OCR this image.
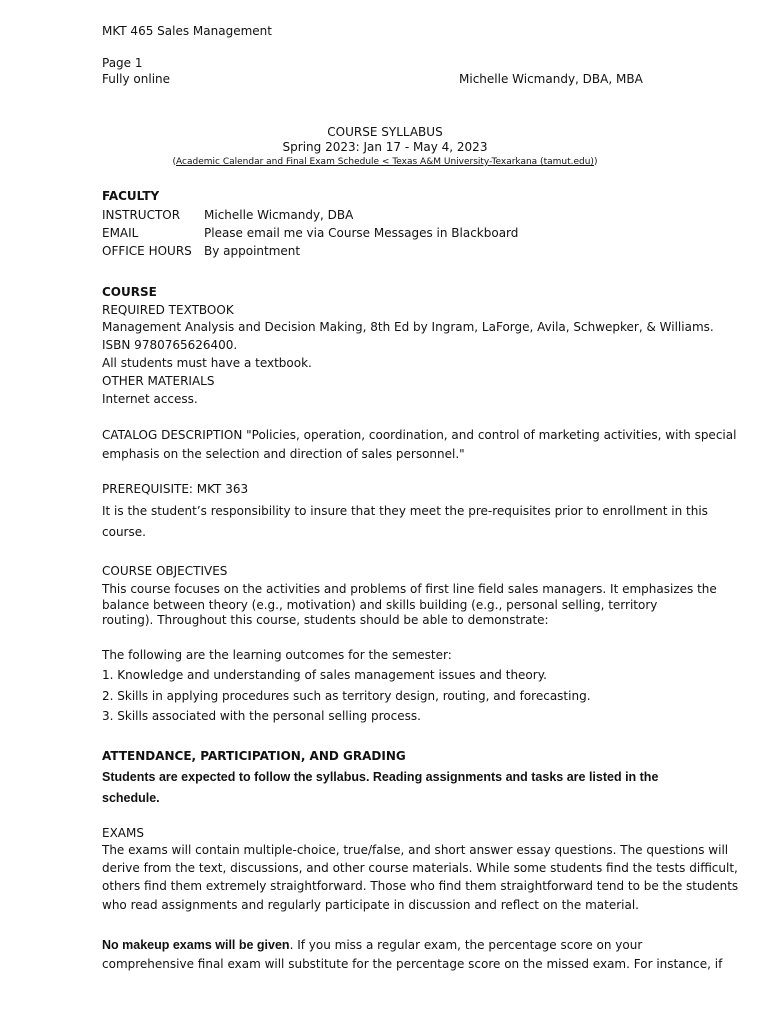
MKT 465 Sales Management
Page 1
Fully online	Michelle Wicmandy, DBA, MBA
COURSE SYLLABUS
Spring 2023: Jan 17 - May 4, 2023
(Academic Calendar and Final Exam Schedule < Texas A&M University-Texarkana (tamut.edu))
FACULTY
INSTRUCTOR Michelle Wicmandy, DBA
EMAIL	Please email me via Course Messages in Blackboard
OFFICE HOURS By appointment
COURSE
REQUIRED TEXTBOOK
Management Analysis and Decision Making, 8th Ed by Ingram, LaForge, Avila, Schwepker, & Williams.
ISBN 9780765626400.
All students must have a textbook.
OTHER MATERIALS
Internet access.
CATALOG DESCRIPTION "Policies, operation, coordination, and control of marketing activities, with special
emphasis on the selection and direction of sales personnel."
PREREQUISITE: MKT 363
It is the student’s responsibility to insure that they meet the pre-requisites prior to enrollment in this
course.
COURSE OBJECTIVES
This course focuses on the activities and problems of first line field sales managers. It emphasizes the
balance between theory (e.g., motivation) and skills building (e.g., personal selling, territory
routing). Throughout this course, students should be able to demonstrate:
The following are the learning outcomes for the semester:
1. Knowledge and understanding of sales management issues and theory.
2. Skills in applying procedures such as territory design, routing, and forecasting.
3. Skills associated with the personal selling process.
ATTENDANCE, PARTICIPATION, AND GRADING
Students are expected to follow the syllabus. Reading assignments and tasks are listed in the
schedule.
EXAMS
The exams will contain multiple-choice, true/false, and short answer essay questions. The questions will
derive from the text, discussions, and other course materials. While some students find the tests difficult,
others find them extremely straightforward. Those who find them straightforward tend to be the students
who read assignments and regularly participate in discussion and reflect on the material.
No makeup exams will be given. If you miss a regular exam, the percentage score on your
comprehensive final exam will substitute for the percentage score on the missed exam. For instance, if
